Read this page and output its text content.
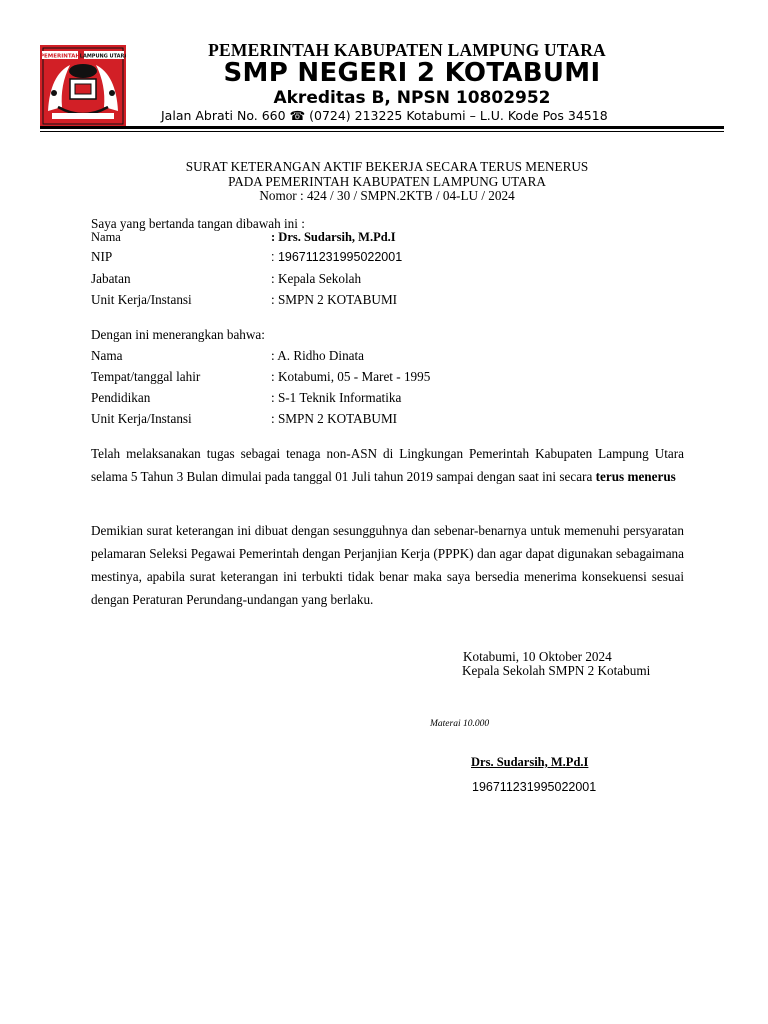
PEMERINTAH LAMPUNG UTARA	PEMERINTAH KABUPATEN LAMPUNG UTARA
SMP NEGERI 2 KOTABUMI
Akreditas B, NPSN 10802952
Jalan Abrati No. 660 ☎ (0724) 213225 Kotabumi – L.U. Kode Pos 34518
SURAT KETERANGAN AKTIF BEKERJA SECARA TERUS MENERUS
PADA PEMERINTAH KABUPATEN LAMPUNG UTARA
Nomor : 424 / 30 / SMPN.2KTB / 04-LU / 2024
Saya yang bertanda tangan dibawah ini :
Nama	: Drs. Sudarsih, M.Pd.I
NIP	: 196711231995022001
Jabatan	: Kepala Sekolah
Unit Kerja/Instansi	: SMPN 2 KOTABUMI
Dengan ini menerangkan bahwa:
Nama	: A. Ridho Dinata
Tempat/tanggal lahir	: Kotabumi, 05 - Maret - 1995
Pendidikan	: S-1 Teknik Informatika
Unit Kerja/Instansi	: SMPN 2 KOTABUMI
Telah melaksanakan tugas sebagai tenaga non-ASN di Lingkungan Pemerintah Kabupaten Lampung Utara selama 5 Tahun 3 Bulan dimulai pada tanggal 01 Juli tahun 2019 sampai dengan saat ini secara terus menerus
Demikian surat keterangan ini dibuat dengan sesungguhnya dan sebenar-benarnya untuk memenuhi persyaratan pelamaran Seleksi Pegawai Pemerintah dengan Perjanjian Kerja (PPPK) dan agar dapat digunakan sebagaimana mestinya, apabila surat keterangan ini terbukti tidak benar maka saya bersedia menerima konsekuensi sesuai dengan Peraturan Perundang-undangan yang berlaku.
Kotabumi, 10 Oktober 2024
Kepala Sekolah SMPN 2 Kotabumi
Materai 10.000
Drs. Sudarsih, M.Pd.I
196711231995022001
